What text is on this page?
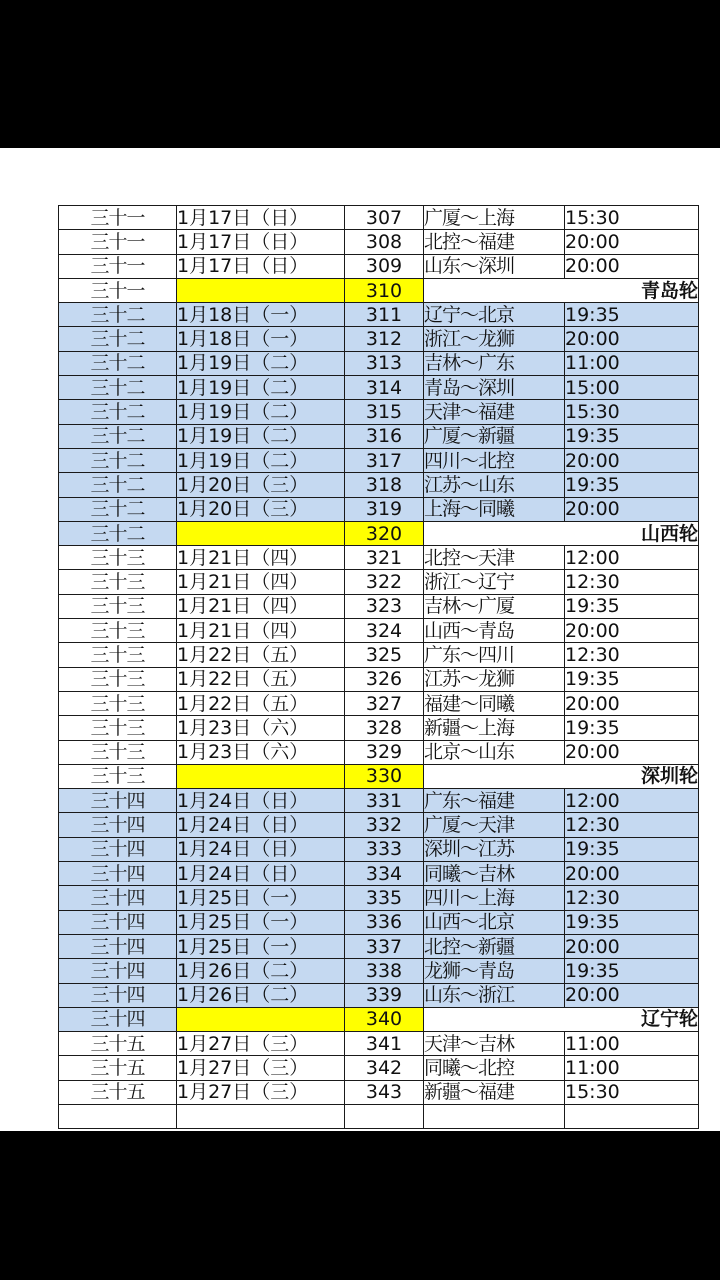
三十一	1月17日（日）	307	广厦～上海	15:30
三十一	1月17日（日）	308	北控～福建	20:00
三十一	1月17日（日）	309	山东～深圳	20:00
三十一		310	青岛轮	
三十二	1月18日（一）	311	辽宁～北京	19:35
三十二	1月18日（一）	312	浙江～龙狮	20:00
三十二	1月19日（二）	313	吉林～广东	11:00
三十二	1月19日（二）	314	青岛～深圳	15:00
三十二	1月19日（二）	315	天津～福建	15:30
三十二	1月19日（二）	316	广厦～新疆	19:35
三十二	1月19日（二）	317	四川～北控	20:00
三十二	1月20日（三）	318	江苏～山东	19:35
三十二	1月20日（三）	319	上海～同曦	20:00
三十二		320	山西轮	
三十三	1月21日（四）	321	北控～天津	12:00
三十三	1月21日（四）	322	浙江～辽宁	12:30
三十三	1月21日（四）	323	吉林～广厦	19:35
三十三	1月21日（四）	324	山西～青岛	20:00
三十三	1月22日（五）	325	广东～四川	12:30
三十三	1月22日（五）	326	江苏～龙狮	19:35
三十三	1月22日（五）	327	福建～同曦	20:00
三十三	1月23日（六）	328	新疆～上海	19:35
三十三	1月23日（六）	329	北京～山东	20:00
三十三		330	深圳轮	
三十四	1月24日（日）	331	广东～福建	12:00
三十四	1月24日（日）	332	广厦～天津	12:30
三十四	1月24日（日）	333	深圳～江苏	19:35
三十四	1月24日（日）	334	同曦～吉林	20:00
三十四	1月25日（一）	335	四川～上海	12:30
三十四	1月25日（一）	336	山西～北京	19:35
三十四	1月25日（一）	337	北控～新疆	20:00
三十四	1月26日（二）	338	龙狮～青岛	19:35
三十四	1月26日（二）	339	山东～浙江	20:00
三十四		340	辽宁轮	
三十五	1月27日（三）	341	天津～吉林	11:00
三十五	1月27日（三）	342	同曦～北控	11:00
三十五	1月27日（三）	343	新疆～福建	15:30
